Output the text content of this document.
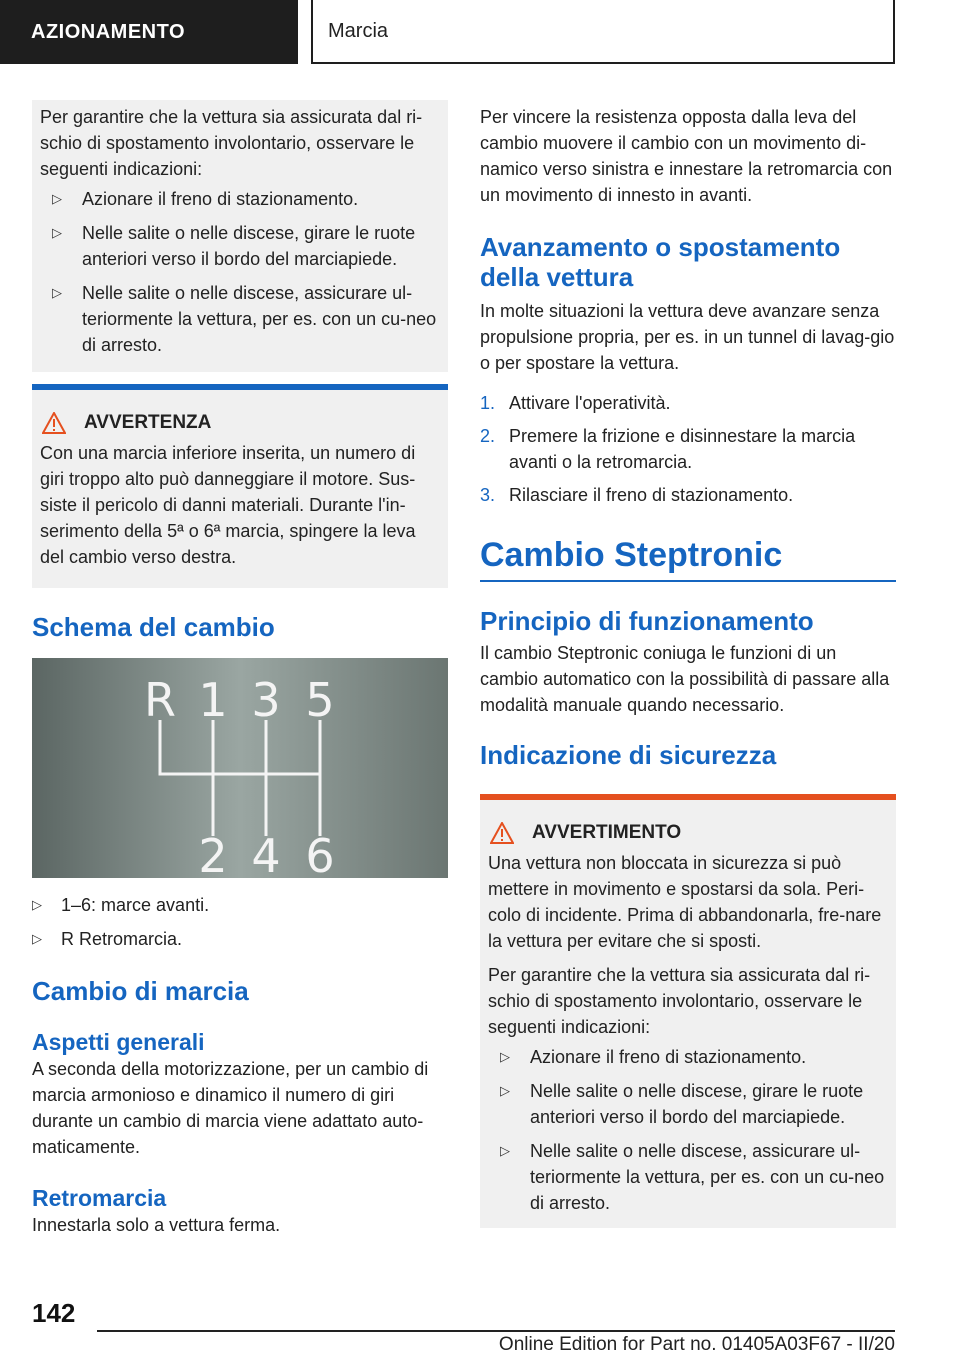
AZIONAMENTO	Marcia

Per garantire che la vettura sia assicurata dal ri-schio di spostamento involontario, osservare le seguenti indicazioni:

▷ Azionare il freno di stazionamento.
▷ Nelle salite o nelle discese, girare le ruote anteriori verso il bordo del marciapiede.
▷ Nelle salite o nelle discese, assicurare ul-teriormente la vettura, per es. con un cu-neo di arresto.
AVVERTENZA

Con una marcia inferiore inserita, un numero di giri troppo alto può danneggiare il motore. Sus-siste il pericolo di danni materiali. Durante l'in-serimento della 5ª o 6ª marcia, spingere la leva del cambio verso destra.

Schema del cambio
R 1 3 5
2 4 6
▷ 1–6: marce avanti.
▷ R Retromarcia.
Cambio di marcia
Aspetti generali

A seconda della motorizzazione, per un cambio di marcia armonioso e dinamico il numero di giri durante un cambio di marcia viene adattato auto-maticamente.

Retromarcia

Innestarla solo a vettura ferma.

Per vincere la resistenza opposta dalla leva del cambio muovere il cambio con un movimento di-namico verso sinistra e innestare la retromarcia con un movimento di innesto in avanti.

Avanzamento o spostamento della vettura

In molte situazioni la vettura deve avanzare senza propulsione propria, per es. in un tunnel di lavag-gio o per spostare la vettura.

1. Attivare l'operatività.
2. Premere la frizione e disinnestare la marcia avanti o la retromarcia.
3. Rilasciare il freno di stazionamento.
Cambio Steptronic
Principio di funzionamento

Il cambio Steptronic coniuga le funzioni di un cambio automatico con la possibilità di passare alla modalità manuale quando necessario.

Indicazione di sicurezza
AVVERTIMENTO

Una vettura non bloccata in sicurezza si può mettere in movimento e spostarsi da sola. Peri-colo di incidente. Prima di abbandonarla, fre-nare la vettura per evitare che si sposti.

Per garantire che la vettura sia assicurata dal ri-schio di spostamento involontario, osservare le seguenti indicazioni:

▷ Azionare il freno di stazionamento.
▷ Nelle salite o nelle discese, girare le ruote anteriori verso il bordo del marciapiede.
▷ Nelle salite o nelle discese, assicurare ul-teriormente la vettura, per es. con un cu-neo di arresto.
142
Online Edition for Part no. 01405A03F67 - II/20
